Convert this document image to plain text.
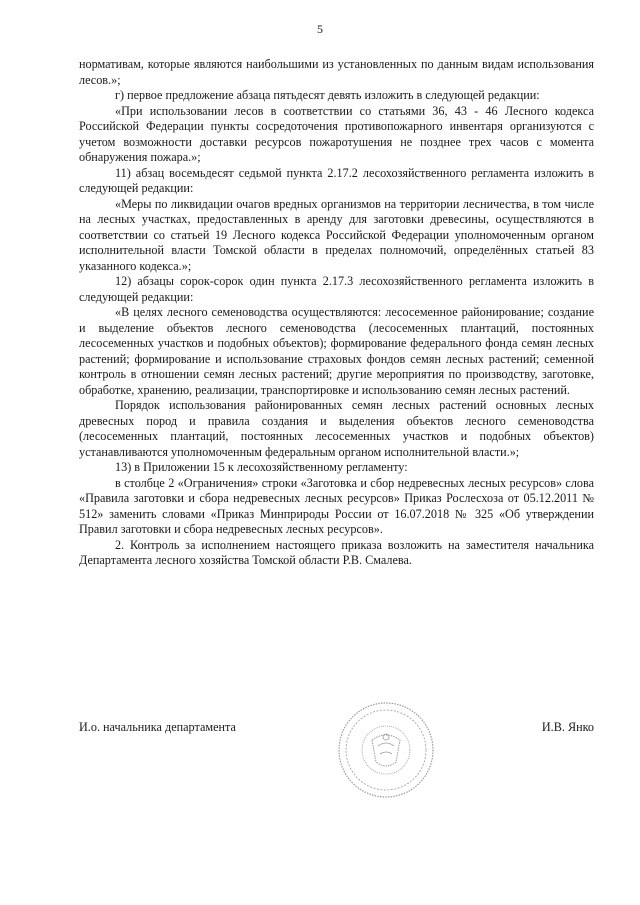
5

нормативам, которые являются наибольшими из установленных по данным видам использования лесов.»;

г) первое предложение абзаца пятьдесят девять изложить в следующей редакции:

«При использовании лесов в соответствии со статьями 36, 43 - 46 Лесного кодекса Российской Федерации пункты сосредоточения противопожарного инвентаря организуются с учетом возможности доставки ресурсов пожаротушения не позднее трех часов с момента обнаружения пожара.»;

11) абзац восемьдесят седьмой пункта 2.17.2 лесохозяйственного регламента изложить в следующей редакции:

«Меры по ликвидации очагов вредных организмов на территории лесничества, в том числе на лесных участках, предоставленных в аренду для заготовки древесины, осуществляются в соответствии со статьей 19 Лесного кодекса Российской Федерации уполномоченным органом исполнительной власти Томской области в пределах полномочий, определённых статьей 83 указанного кодекса.»;

12) абзацы сорок-сорок один пункта 2.17.3 лесохозяйственного регламента изложить в следующей редакции:

«В целях лесного семеноводства осуществляются: лесосеменное районирование; создание и выделение объектов лесного семеноводства (лесосеменных плантаций, постоянных лесосеменных участков и подобных объектов); формирование федерального фонда семян лесных растений; формирование и использование страховых фондов семян лесных растений; семенной контроль в отношении семян лесных растений; другие мероприятия по производству, заготовке, обработке, хранению, реализации, транспортировке и использованию семян лесных растений.

Порядок использования районированных семян лесных растений основных лесных древесных пород и правила создания и выделения объектов лесного семеноводства (лесосеменных плантаций, постоянных лесосеменных участков и подобных объектов) устанавливаются уполномоченным федеральным органом исполнительной власти.»;

13) в Приложении 15 к лесохозяйственному регламенту:

в столбце 2 «Ограничения» строки «Заготовка и сбор недревесных лесных ресурсов» слова «Правила заготовки и сбора недревесных лесных ресурсов» Приказ Рослесхоза от 05.12.2011 № 512» заменить словами «Приказ Минприроды России от 16.07.2018 № 325 «Об утверждении Правил заготовки и сбора недревесных лесных ресурсов».

2. Контроль за исполнением настоящего приказа возложить на заместителя начальника Департамента лесного хозяйства Томской области Р.В. Смалева.

И.о. начальника департамента	И.В. Янко
